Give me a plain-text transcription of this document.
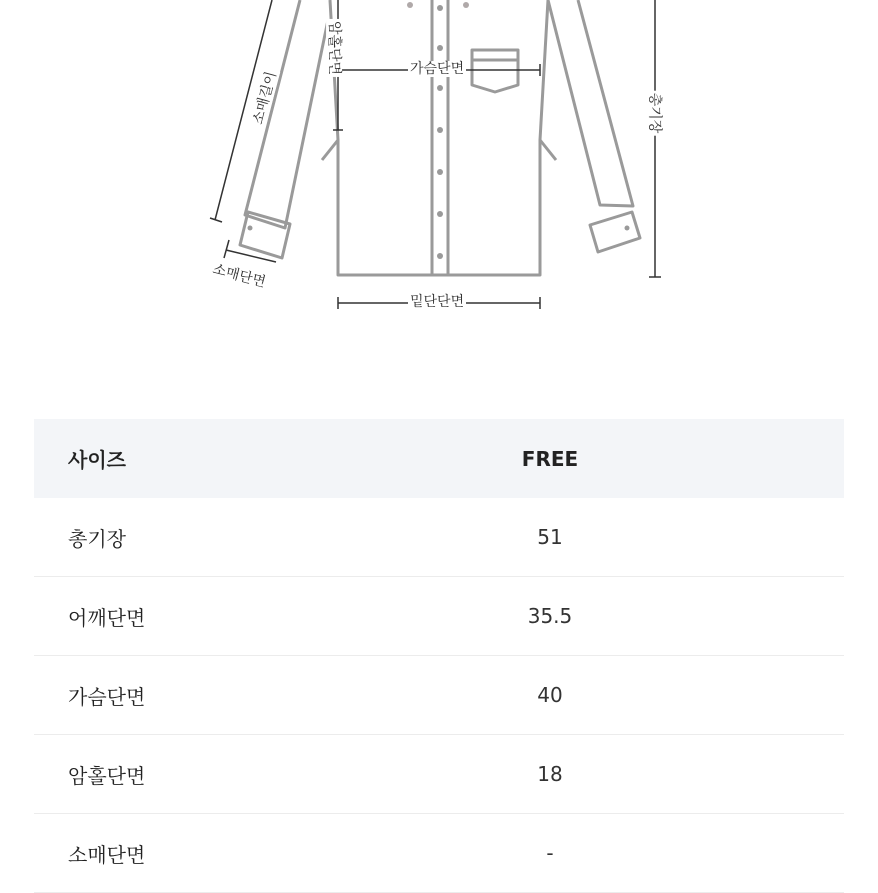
소매길이
암홀단면	가슴단면
총기장
소매단면
밑단단면
사이즈	FREE
총기장	51
어깨단면	35.5
가슴단면	40
암홀단면	18
소매단면	-
